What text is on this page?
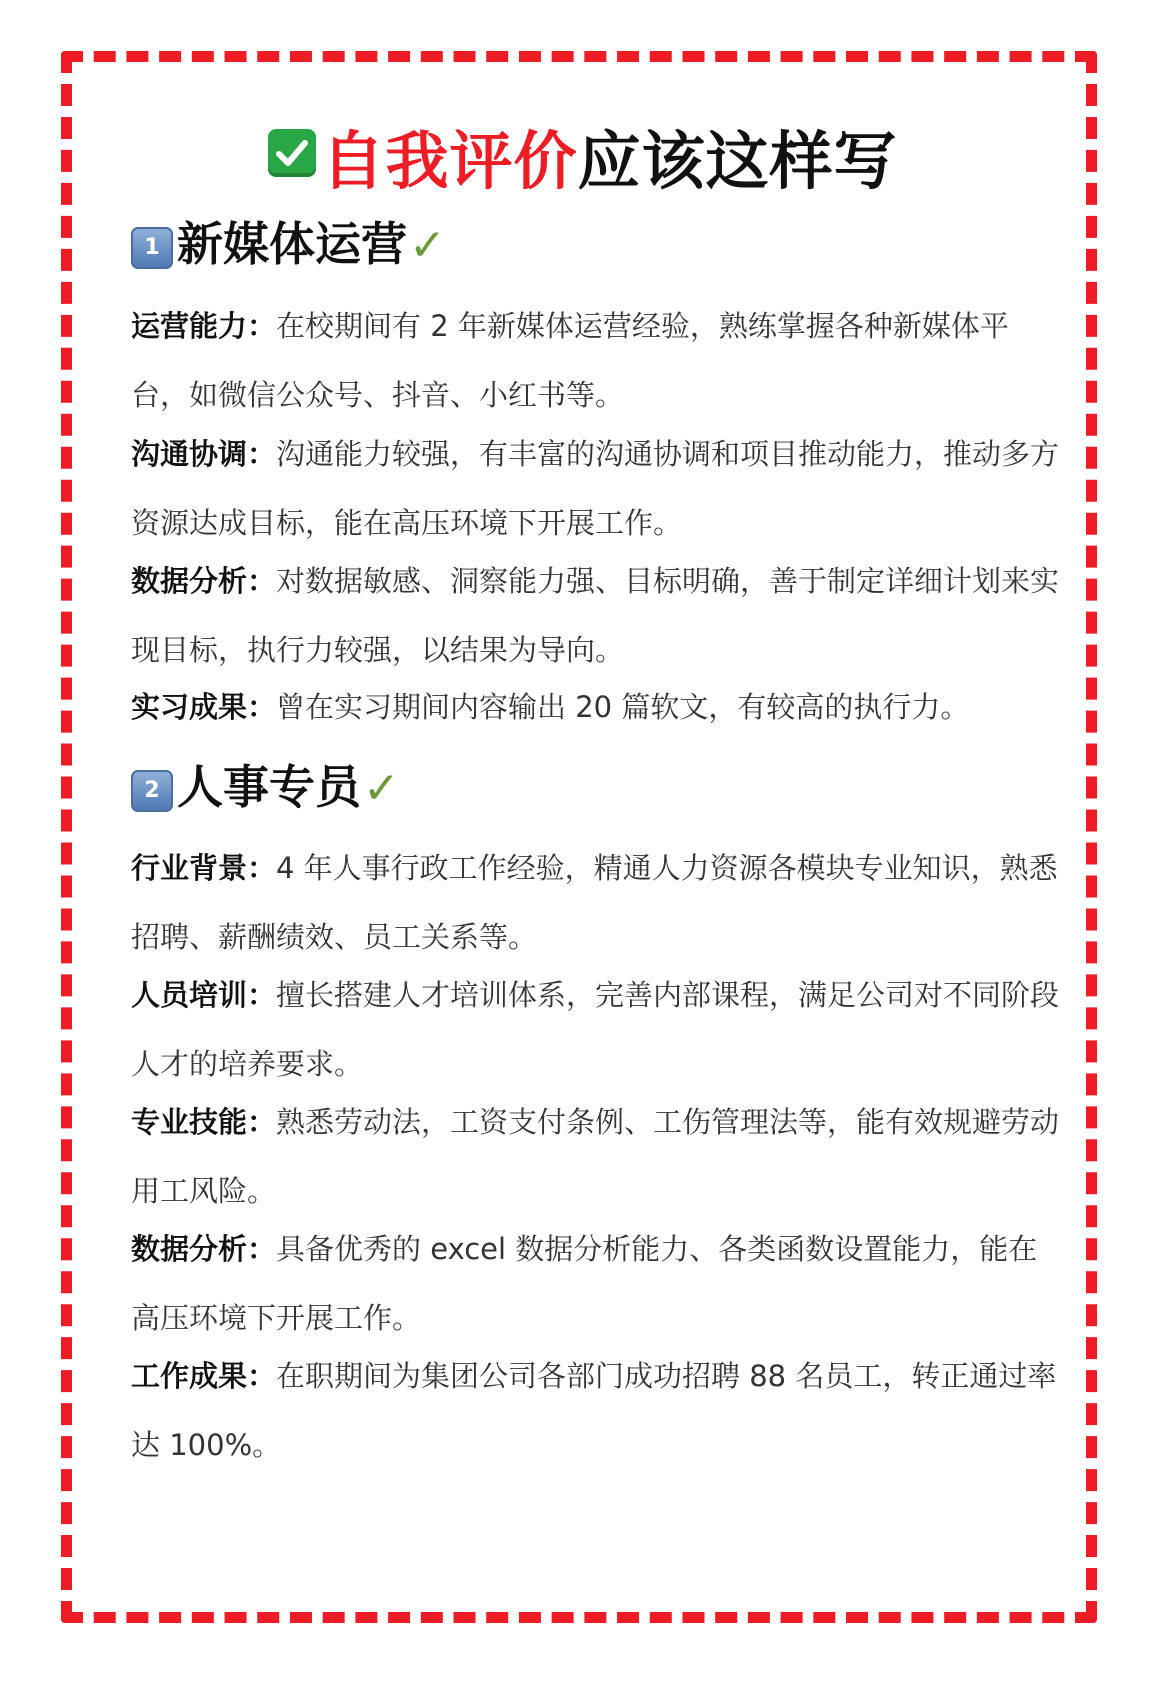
自我评价应该这样写
1 新媒体运营✓
运营能力：在校期间有 2 年新媒体运营经验，熟练掌握各种新媒体平台，如微信公众号、抖音、小红书等。
沟通协调：沟通能力较强，有丰富的沟通协调和项目推动能力，推动多方资源达成目标，能在高压环境下开展工作。
数据分析：对数据敏感、洞察能力强、目标明确，善于制定详细计划来实现目标，执行力较强，以结果为导向。
实习成果：曾在实习期间内容输出 20 篇软文，有较高的执行力。
2 人事专员✓
行业背景：4 年人事行政工作经验，精通人力资源各模块专业知识，熟悉招聘、薪酬绩效、员工关系等。
人员培训：擅长搭建人才培训体系，完善内部课程，满足公司对不同阶段人才的培养要求。
专业技能：熟悉劳动法，工资支付条例、工伤管理法等，能有效规避劳动用工风险。
数据分析：具备优秀的 excel 数据分析能力、各类函数设置能力，能在高压环境下开展工作。
工作成果：在职期间为集团公司各部门成功招聘 88 名员工，转正通过率达 100%。
